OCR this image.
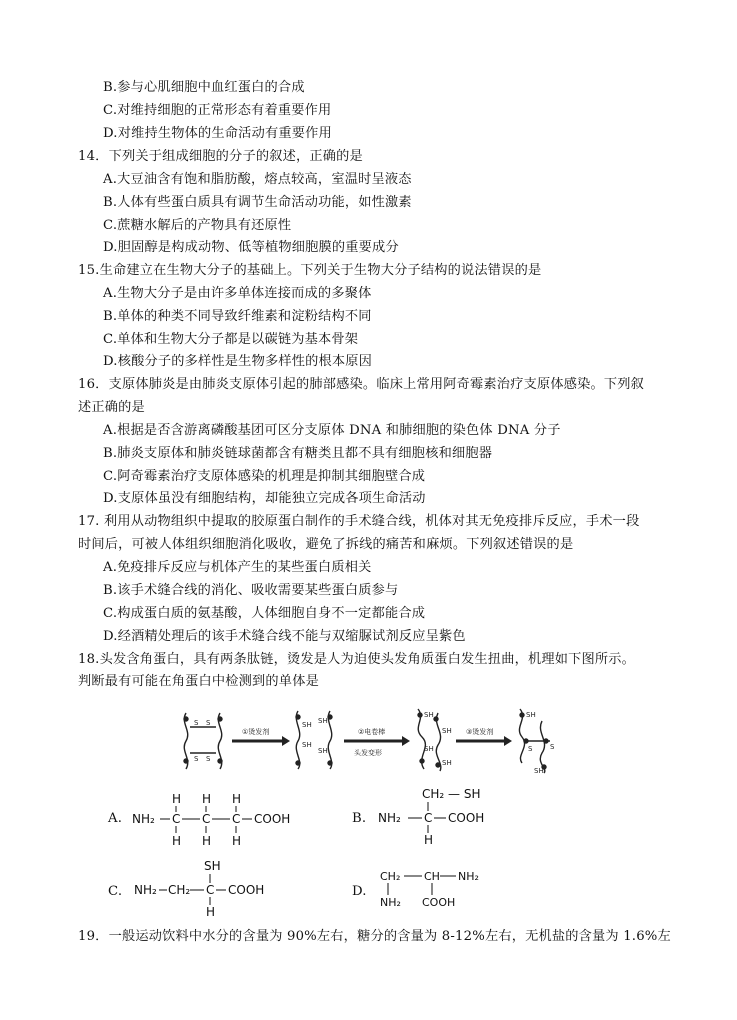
B.参与心肌细胞中血红蛋白的合成
C.对维持细胞的正常形态有着重要作用
D.对维持生物体的生命活动有重要作用
14．下列关于组成细胞的分子的叙述，正确的是
A.大豆油含有饱和脂肪酸，熔点较高，室温时呈液态
B.人体有些蛋白质具有调节生命活动功能，如性激素
C.蔗糖水解后的产物具有还原性
D.胆固醇是构成动物、低等植物细胞膜的重要成分
15.生命建立在生物大分子的基础上。下列关于生物大分子结构的说法错误的是
A.生物大分子是由许多单体连接而成的多聚体
B.单体的种类不同导致纤维素和淀粉结构不同
C.单体和生物大分子都是以碳链为基本骨架
D.核酸分子的多样性是生物多样性的根本原因
16．支原体肺炎是由肺炎支原体引起的肺部感染。临床上常用阿奇霉素治疗支原体感染。下列叙
述正确的是
A.根据是否含游离磷酸基团可区分支原体 DNA 和肺细胞的染色体 DNA 分子
B.肺炎支原体和肺炎链球菌都含有糖类且都不具有细胞核和细胞器
C.阿奇霉素治疗支原体感染的机理是抑制其细胞壁合成
D.支原体虽没有细胞结构，却能独立完成各项生命活动
17. 利用从动物组织中提取的胶原蛋白制作的手术缝合线，机体对其无免疫排斥反应，手术一段
时间后，可被人体组织细胞消化吸收，避免了拆线的痛苦和麻烦。下列叙述错误的是
A.免疫排斥反应与机体产生的某些蛋白质相关
B.该手术缝合线的消化、吸收需要某些蛋白质参与
C.构成蛋白质的氨基酸，人体细胞自身不一定都能合成
D.经酒精处理后的该手术缝合线不能与双缩脲试剂反应呈紫色
18.头发含角蛋白，具有两条肽链，烫发是人为迫使头发角质蛋白发生扭曲，机理如下图所示。
判断最有可能在角蛋白中检测到的单体是
S S
S S
①烫发剂
SH SH
SH
SH
②电卷棒
头发变形
SH
SH
SH
SH
③烫发剂
SH
S	S
SH
A. NH₂ C C C COOH
H H H
H H H
B.
CH₂ — SH
NH₂ C COOH
H
C.
SH
NH₂ CH₂ C COOH
H
D.
CH₂ CH NH₂
NH₂ COOH
19．一般运动饮料中水分的含量为 90%左右，糖分的含量为 8-12%左右，无机盐的含量为 1.6%左
